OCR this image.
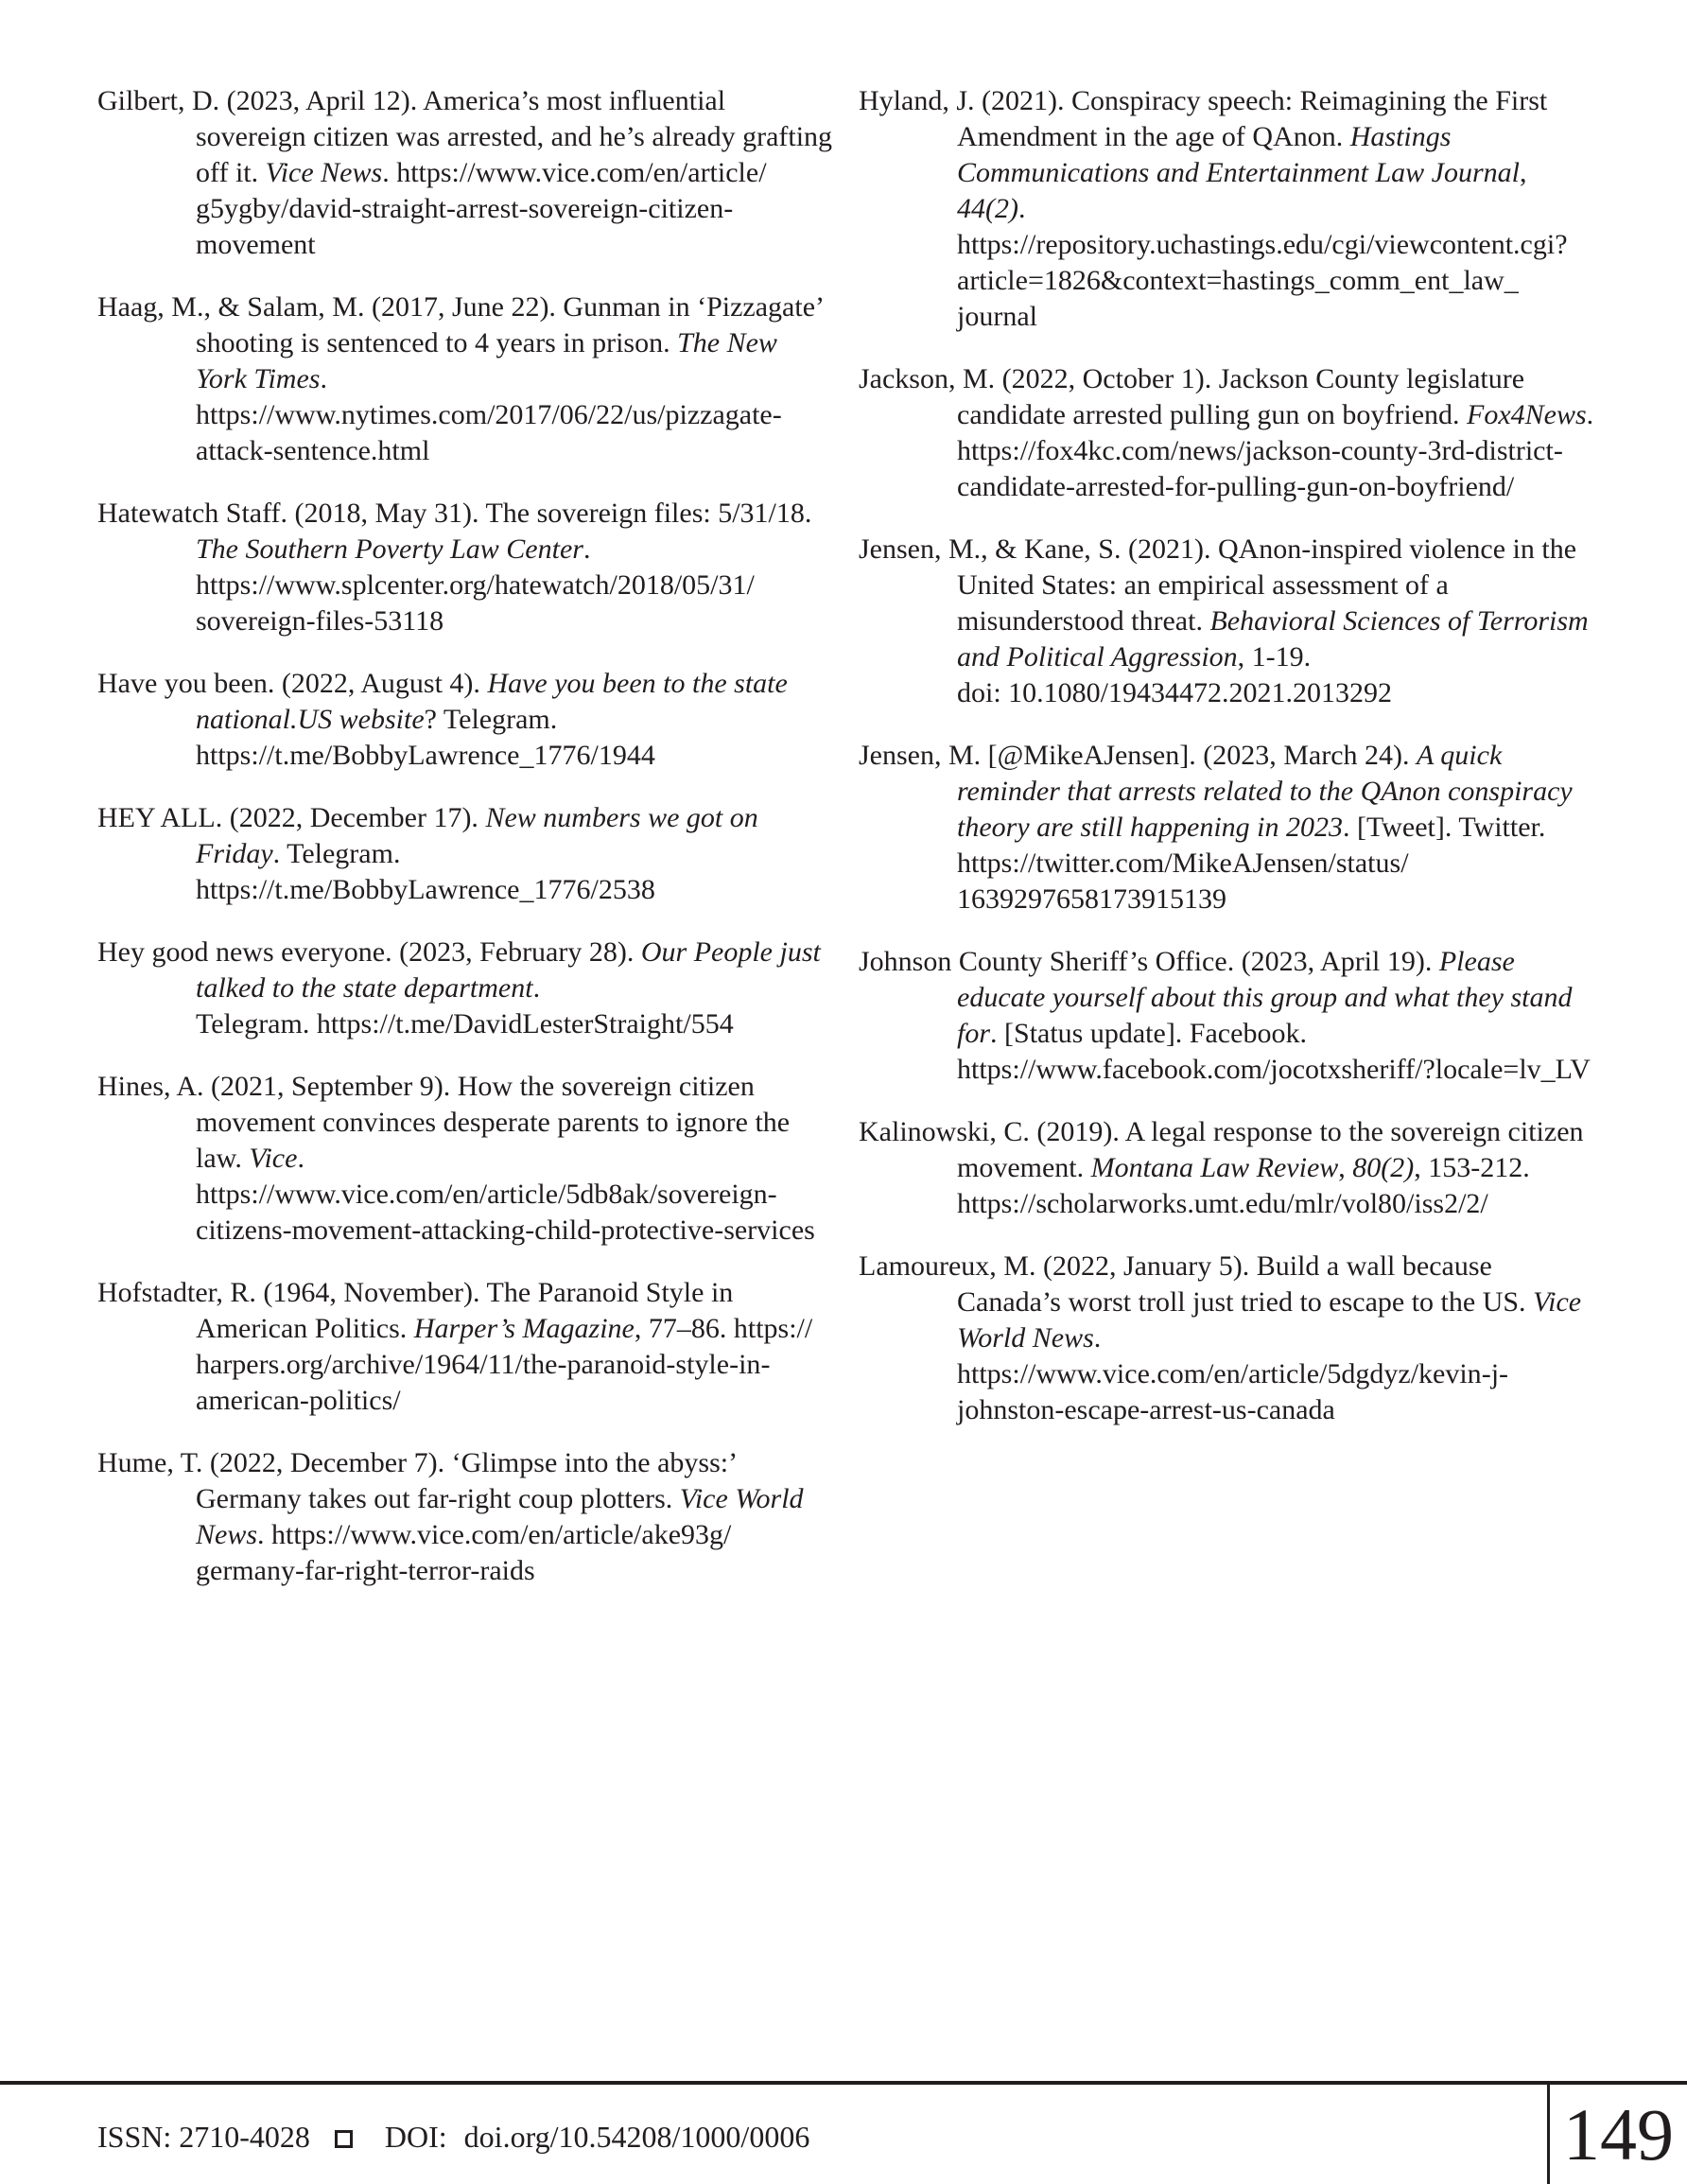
Gilbert, D. (2023, April 12). America’s most influential sovereign citizen was arrested, and he’s already grafting off it. Vice News. https://www.vice.com/en/article/g5ygby/david-straight-arrest-sovereign-citizen-movement

Haag, M., & Salam, M. (2017, June 22). Gunman in ‘Pizzagate’ shooting is sentenced to 4 years in prison. The New York Times.
https://www.nytimes.com/2017/06/22/us/pizzagate-attack-sentence.html

Hatewatch Staff. (2018, May 31). The sovereign files: 5/31/18. The Southern Poverty Law Center.
https://www.splcenter.org/hatewatch/2018/05/31/sovereign-files-53118

Have you been. (2022, August 4). Have you been to the state national.US website? Telegram.
https://t.me/BobbyLawrence_1776/1944

HEY ALL. (2022, December 17). New numbers we got on Friday. Telegram.
https://t.me/BobbyLawrence_1776/2538

Hey good news everyone. (2023, February 28). Our People just talked to the state department.
Telegram. https://t.me/DavidLesterStraight/554

Hines, A. (2021, September 9). How the sovereign citizen movement convinces desperate parents to ignore the law. Vice.
https://www.vice.com/en/article/5db8ak/sovereign-citizens-movement-attacking-child-protective-services

Hofstadter, R. (1964, November). The Paranoid Style in American Politics. Harper’s Magazine, 77–86. https://harpers.org/archive/1964/11/the-paranoid-style-in-american-politics/

Hume, T. (2022, December 7). ‘Glimpse into the abyss:’ Germany takes out far-right coup plotters. Vice World News. https://www.vice.com/en/article/ake93g/germany-far-right-terror-raids

Hyland, J. (2021). Conspiracy speech: Reimagining the First Amendment in the age of QAnon. Hastings Communications and Entertainment Law Journal, 44(2).
https://repository.uchastings.edu/cgi/viewcontent.cgi?article=1826&context=hastings_comm_ent_law_journal

Jackson, M. (2022, October 1). Jackson County legislature candidate arrested pulling gun on boyfriend. Fox4News.
https://fox4kc.com/news/jackson-county-3rd-district-candidate-arrested-for-pulling-gun-on-boyfriend/

Jensen, M., & Kane, S. (2021). QAnon-inspired violence in the United States: an empirical assessment of a misunderstood threat. Behavioral Sciences of Terrorism and Political Aggression, 1-19.
doi: 10.1080/19434472.2021.2013292

Jensen, M. [@MikeAJensen]. (2023, March 24). A quick reminder that arrests related to the QAnon conspiracy theory are still happening in 2023. [Tweet]. Twitter.
https://twitter.com/MikeAJensen/status/1639297658173915139

Johnson County Sheriff’s Office. (2023, April 19). Please educate yourself about this group and what they stand for. [Status update]. Facebook.
https://www.facebook.com/jocotxsheriff/?locale=lv_LV

Kalinowski, C. (2019). A legal response to the sovereign citizen movement. Montana Law Review, 80(2), 153-212.
https://scholarworks.umt.edu/mlr/vol80/iss2/2/

Lamoureux, M. (2022, January 5). Build a wall because Canada’s worst troll just tried to escape to the US. Vice World News.
https://www.vice.com/en/article/5dgdyz/kevin-j-johnston-escape-arrest-us-canada

ISSN: 2710-4028 DOI: doi.org/10.54208/1000/0006	149
